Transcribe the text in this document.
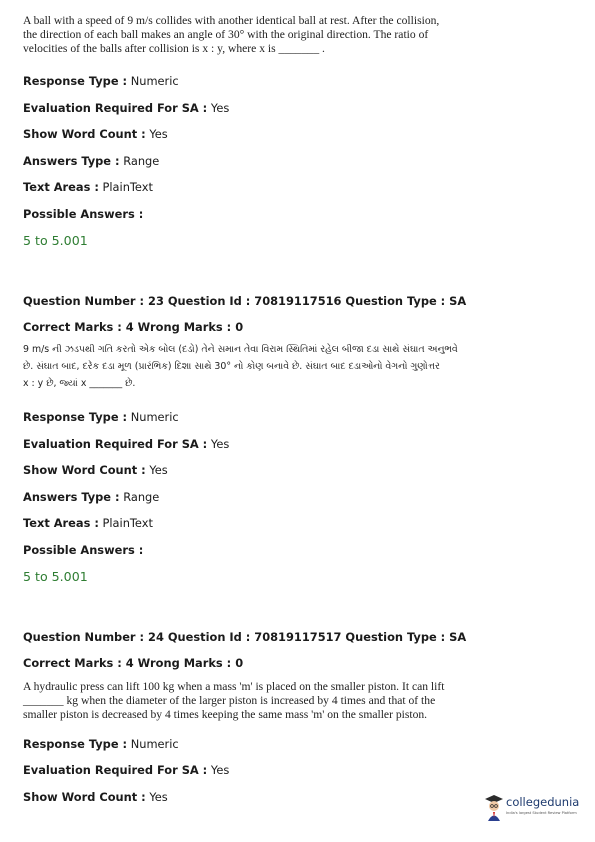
A ball with a speed of 9 m/s collides with another identical ball at rest. After the collision,
the direction of each ball makes an angle of 30° with the original direction. The ratio of
velocities of the balls after collision is x : y, where x is _______ .
Response Type : Numeric
Evaluation Required For SA : Yes
Show Word Count : Yes
Answers Type : Range
Text Areas : PlainText
Possible Answers :
5 to 5.001
Question Number : 23 Question Id : 70819117516 Question Type : SA
Correct Marks : 4 Wrong Marks : 0
9 m/s ની ઝડપથી ગતિ કરતો એક બોલ (દડો) તેને સમાન તેવા વિરામ સ્થિતિમાં રહેલ બીજા દડા સાથે સંઘાત અનુભવે
છે. સંઘાત બાદ, દરેક દડા મૂળ (પ્રારંભિક) દિશા સાથે 30° નો કોણ બનાવે છે. સંઘાત બાદ દડાઓનો વેગનો ગુણોત્તર
x : y છે, જ્યાં x _______ છે.
Response Type : Numeric
Evaluation Required For SA : Yes
Show Word Count : Yes
Answers Type : Range
Text Areas : PlainText
Possible Answers :
5 to 5.001
Question Number : 24 Question Id : 70819117517 Question Type : SA
Correct Marks : 4 Wrong Marks : 0
A hydraulic press can lift 100 kg when a mass 'm' is placed on the smaller piston. It can lift
_______ kg when the diameter of the larger piston is increased by 4 times and that of the
smaller piston is decreased by 4 times keeping the same mass 'm' on the smaller piston.
Response Type : Numeric
Evaluation Required For SA : Yes
Show Word Count : Yes	collegedunia
India's largest Student Review Platform
